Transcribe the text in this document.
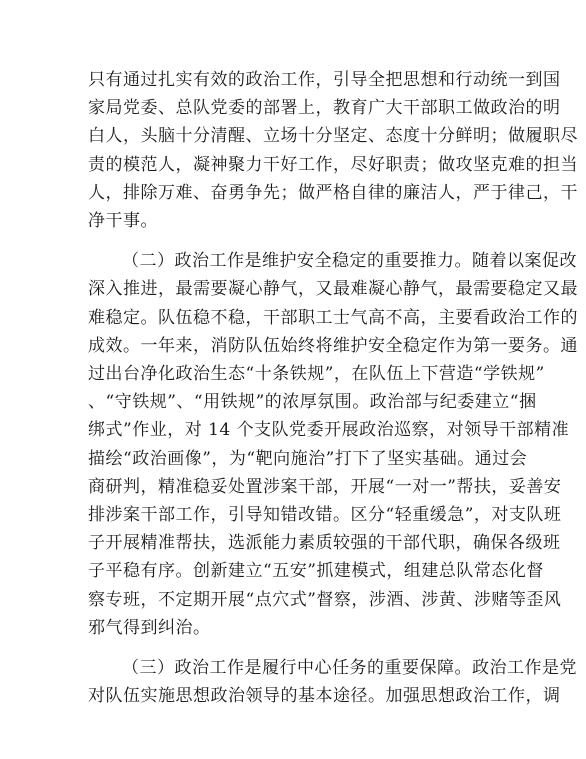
只有通过扎实有效的政治工作，引导全把思想和行动统一到国
家局党委、总队党委的部署上，教育广大干部职工做政治的明
白人，头脑十分清醒、立场十分坚定、态度十分鲜明；做履职尽
责的模范人，凝神聚力干好工作，尽好职责；做攻坚克难的担当
人，排除万难、奋勇争先；做严格自律的廉洁人，严于律己，干
净干事。
（二）政治工作是维护安全稳定的重要推力。随着以案促改
深入推进，最需要凝心静气，又最难凝心静气，最需要稳定又最
难稳定。队伍稳不稳，干部职工士气高不高，主要看政治工作的
成效。一年来，消防队伍始终将维护安全稳定作为第一要务。通
过出台净化政治生态“十条铁规”，在队伍上下营造“学铁规”
、“守铁规”、“用铁规”的浓厚氛围。政治部与纪委建立“捆
绑式”作业，对 14 个支队党委开展政治巡察，对领导干部精准
描绘“政治画像”，为“靶向施治”打下了坚实基础。通过会
商研判，精准稳妥处置涉案干部，开展“一对一”帮扶，妥善安
排涉案干部工作，引导知错改错。区分“轻重缓急”，对支队班
子开展精准帮扶，选派能力素质较强的干部代职，确保各级班
子平稳有序。创新建立“五安”抓建模式，组建总队常态化督
察专班，不定期开展“点穴式”督察，涉酒、涉黄、涉赌等歪风
邪气得到纠治。
（三）政治工作是履行中心任务的重要保障。政治工作是党
对队伍实施思想政治领导的基本途径。加强思想政治工作，调
